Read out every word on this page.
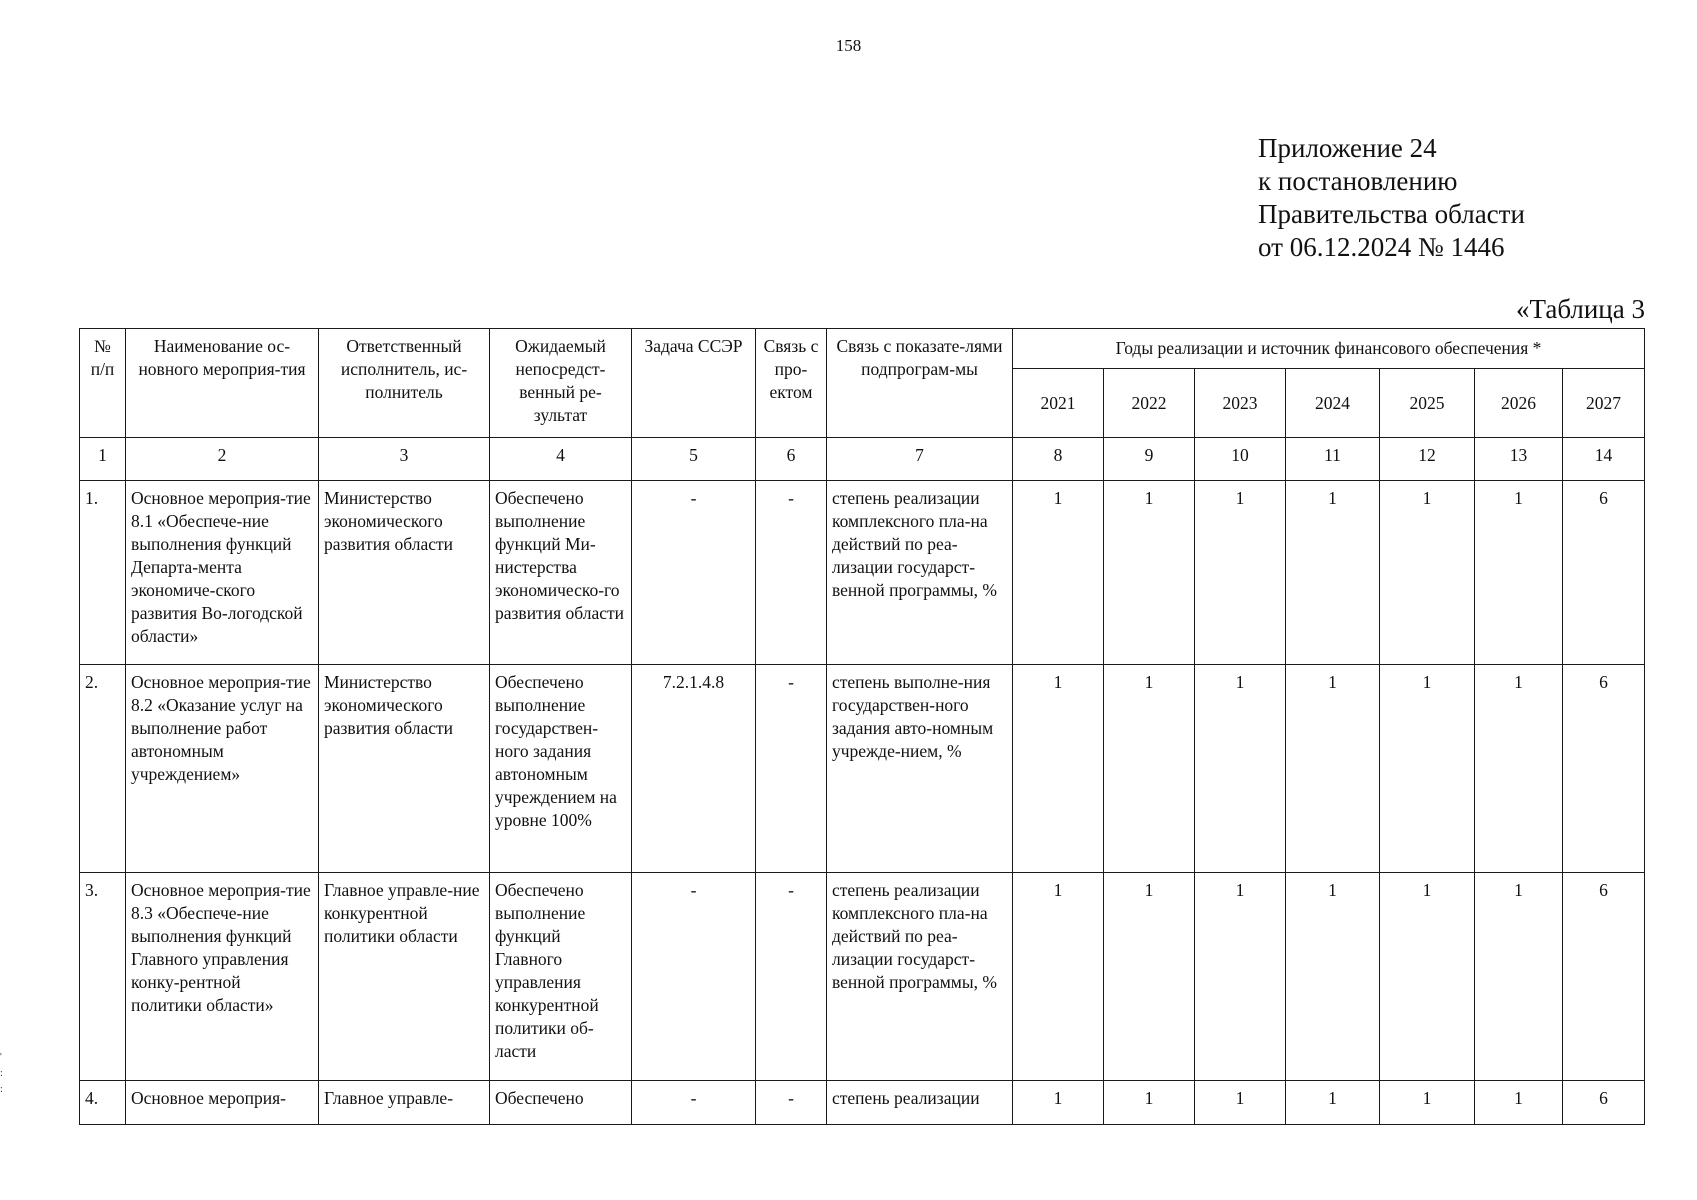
158
Приложение 24
к постановлению
Правительства области
от 06.12.2024 № 1446
«Таблица 3
№ п/п	Наименование ос-новного мероприя-тия	Ответственный исполнитель, ис-полнитель	Ожидаемый непосредст-венный ре-зультат	Задача ССЭР	Связь с про-ектом	Связь с показате-лями подпрограм-мы	Годы реализации и источник финансового обеспечения *						
							2021	2022	2023	2024	2025	2026	2027
1	2	3	4	5	6	7	8	9	10	11	12	13	14
1.	Основное мероприя-тие 8.1 «Обеспече-ние выполнения функций Департа-мента экономиче-ского развития Во-логодской области»	Министерство экономического развития области	Обеспечено выполнение функций Ми-нистерства экономическо-го развития области	-	-	степень реализации комплексного пла-на действий по реа-лизации государст-венной программы, %	1	1	1	1	1	1	6
2.	Основное мероприя-тие 8.2 «Оказание услуг на выполнение работ автономным учреждением»	Министерство экономического развития области	Обеспечено выполнение государствен-ного задания автономным учреждением на уровне 100%	7.2.1.4.8	-	степень выполне-ния государствен-ного задания авто-номным учрежде-нием, %	1	1	1	1	1	1	6
3.	Основное мероприя-тие 8.3 «Обеспече-ние выполнения функций Главного управления конку-рентной политики области»	Главное управле-ние конкурентной политики области	Обеспечено выполнение функций Главного управления конкурентной политики об-ласти	-	-	степень реализации комплексного пла-на действий по реа-лизации государст-венной программы, %	1	1	1	1	1	1	6
4.	Основное мероприя-	Главное управле-	Обеспечено	-	-	степень реализации	1	1	1	1	1	1	6
'
:
:
